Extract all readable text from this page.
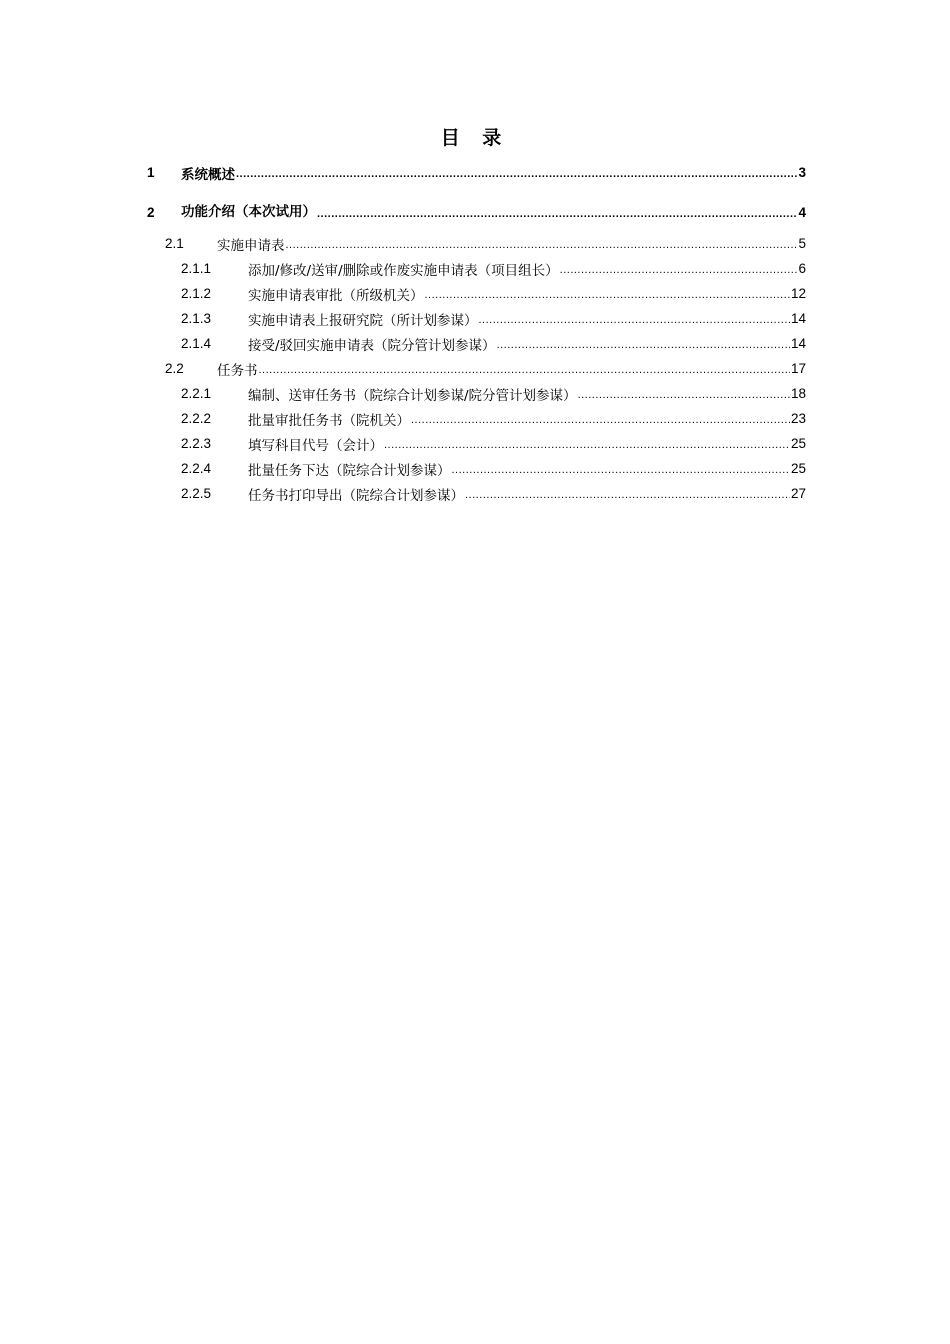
目 录
1	系统概述 .....	3
2	功能介绍（本次试用） .....	4
2.1	实施申请表 .....	5
2.1.1	添加/修改/送审/删除或作废实施申请表（项目组长） .....	6
2.1.2	实施申请表审批（所级机关） .....	12
2.1.3	实施申请表上报研究院（所计划参谋） .....	14
2.1.4	接受/驳回实施申请表（院分管计划参谋） .....	14
2.2	任务书 .....	17
2.2.1	编制、送审任务书（院综合计划参谋/院分管计划参谋） .....	18
2.2.2	批量审批任务书（院机关） .....	23
2.2.3	填写科目代号（会计） .....	25
2.2.4	批量任务下达（院综合计划参谋） .....	25
2.2.5	任务书打印导出（院综合计划参谋） .....	27
